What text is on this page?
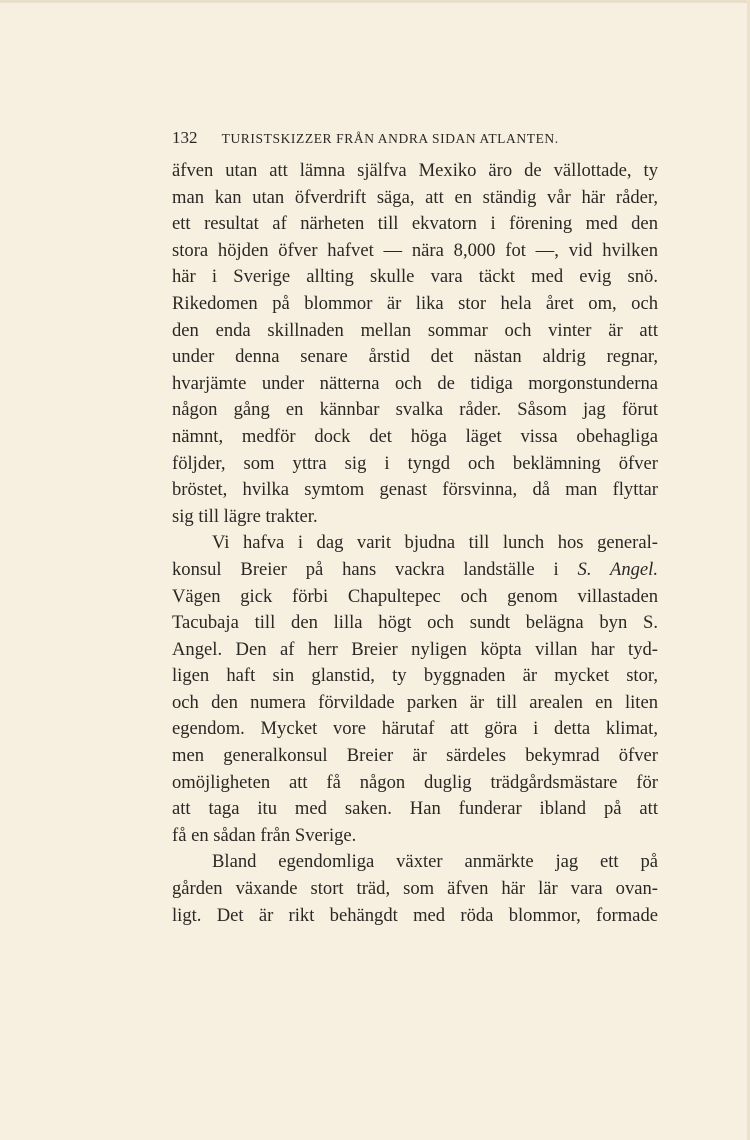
132 TURISTSKIZZER FRÅN ANDRA SIDAN ATLANTEN.
äfven utan att lämna själfva Mexiko äro de vällottade, ty
man kan utan öfverdrift säga, att en ständig vår här råder,
ett resultat af närheten till ekvatorn i förening med den
stora höjden öfver hafvet — nära 8,000 fot —, vid hvilken
här i Sverige allting skulle vara täckt med evig snö.
Rikedomen på blommor är lika stor hela året om, och
den enda skillnaden mellan sommar och vinter är att
under denna senare årstid det nästan aldrig regnar,
hvarjämte under nätterna och de tidiga morgonstunderna
någon gång en kännbar svalka råder. Såsom jag förut
nämnt, medför dock det höga läget vissa obehagliga
följder, som yttra sig i tyngd och beklämning öfver
bröstet, hvilka symtom genast försvinna, då man flyttar
sig till lägre trakter.
Vi hafva i dag varit bjudna till lunch hos general-
konsul Breier på hans vackra landställe i S. Angel.
Vägen gick förbi Chapultepec och genom villastaden
Tacubaja till den lilla högt och sundt belägna byn S.
Angel. Den af herr Breier nyligen köpta villan har tyd-
ligen haft sin glanstid, ty byggnaden är mycket stor,
och den numera förvildade parken är till arealen en liten
egendom. Mycket vore härutaf att göra i detta klimat,
men generalkonsul Breier är särdeles bekymrad öfver
omöjligheten att få någon duglig trädgårdsmästare för
att taga itu med saken. Han funderar ibland på att
få en sådan från Sverige.
Bland egendomliga växter anmärkte jag ett på
gården växande stort träd, som äfven här lär vara ovan-
ligt. Det är rikt behängdt med röda blommor, formade
